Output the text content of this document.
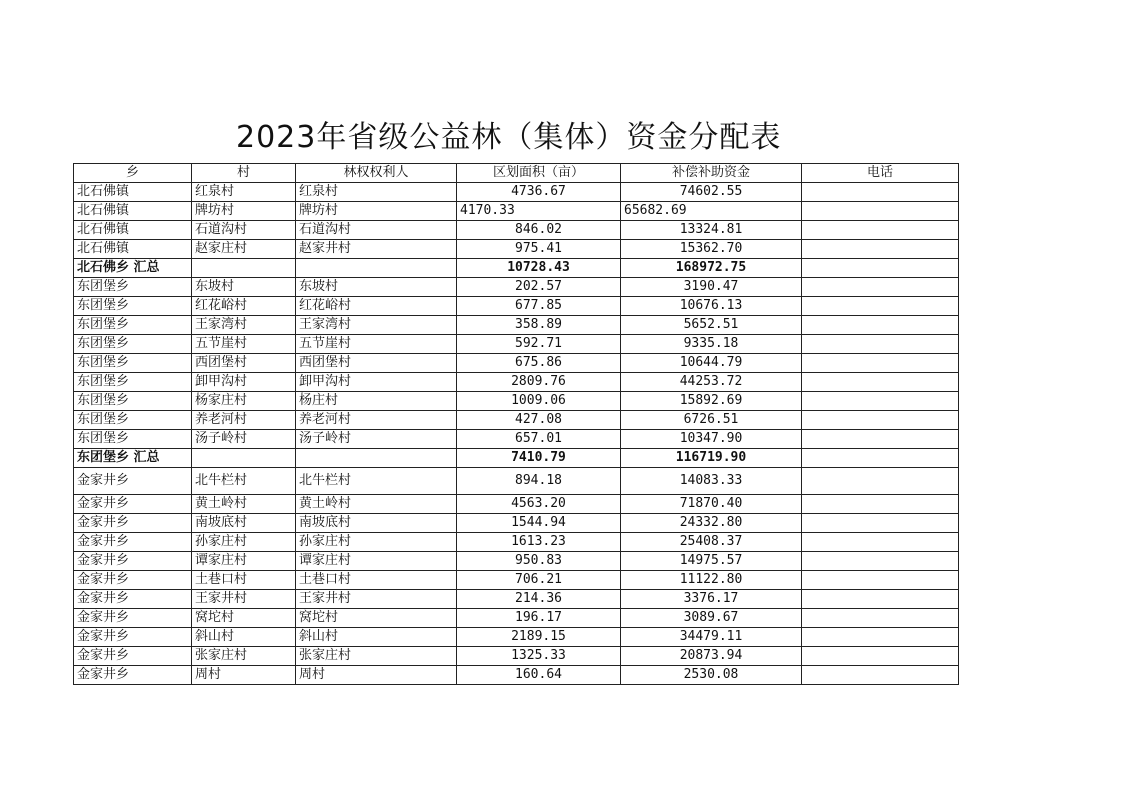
2023年省级公益林（集体）资金分配表
乡	村	林权权利人	区划面积（亩）	补偿补助资金	电话
北石佛镇	红泉村	红泉村	4736.67	74602.55	
北石佛镇	牌坊村	牌坊村	4170.33	65682.69	
北石佛镇	石道沟村	石道沟村	846.02	13324.81	
北石佛镇	赵家庄村	赵家井村	975.41	15362.70	
北石佛乡 汇总			10728.43	168972.75	
东团堡乡	东坡村	东坡村	202.57	3190.47	
东团堡乡	红花峪村	红花峪村	677.85	10676.13	
东团堡乡	王家湾村	王家湾村	358.89	5652.51	
东团堡乡	五节崖村	五节崖村	592.71	9335.18	
东团堡乡	西团堡村	西团堡村	675.86	10644.79	
东团堡乡	卸甲沟村	卸甲沟村	2809.76	44253.72	
东团堡乡	杨家庄村	杨庄村	1009.06	15892.69	
东团堡乡	养老河村	养老河村	427.08	6726.51	
东团堡乡	汤子岭村	汤子岭村	657.01	10347.90	
东团堡乡 汇总			7410.79	116719.90	
金家井乡	北牛栏村	北牛栏村	894.18	14083.33	
金家井乡	黄土岭村	黄土岭村	4563.20	71870.40	
金家井乡	南坡底村	南坡底村	1544.94	24332.80	
金家井乡	孙家庄村	孙家庄村	1613.23	25408.37	
金家井乡	谭家庄村	谭家庄村	950.83	14975.57	
金家井乡	土巷口村	土巷口村	706.21	11122.80	
金家井乡	王家井村	王家井村	214.36	3376.17	
金家井乡	窝坨村	窝坨村	196.17	3089.67	
金家井乡	斜山村	斜山村	2189.15	34479.11	
金家井乡	张家庄村	张家庄村	1325.33	20873.94	
金家井乡	周村	周村	160.64	2530.08	
